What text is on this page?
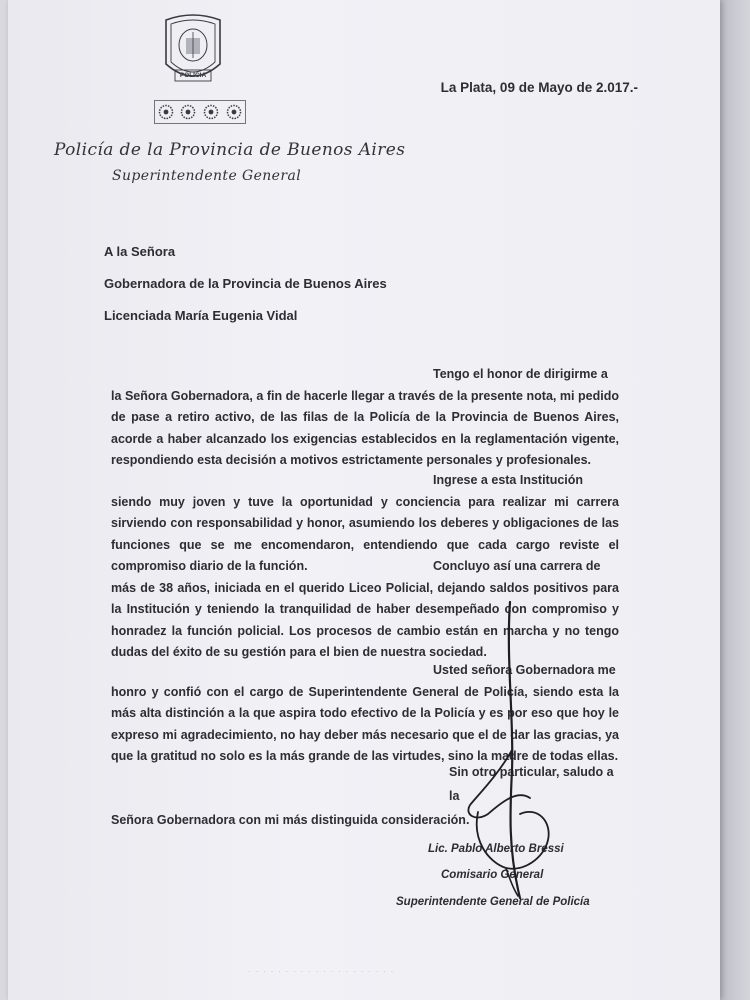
POLICIA
La Plata, 09 de Mayo de 2.017.-
Policía de la Provincia de Buenos Aires
Superintendente General
A la Señora
Gobernadora de la Provincia de Buenos Aires
Licenciada María Eugenia Vidal
Tengo el honor de dirigirme a
la Señora Gobernadora, a fin de hacerle llegar a través de la presente nota, mi pedido de pase a retiro activo, de las filas de la Policía de la Provincia de Buenos Aires, acorde a haber alcanzado los exigencias establecidos en la reglamentación vigente, respondiendo esta decisión a motivos estrictamente personales y profesionales.
Ingrese a esta Institución
siendo muy joven y tuve la oportunidad y conciencia para realizar mi carrera sirviendo con responsabilidad y honor, asumiendo los deberes y obligaciones de las funciones que se me encomendaron, entendiendo que cada cargo reviste el compromiso diario de la función.	Concluyo así una carrera de
más de 38 años, iniciada en el querido Liceo Policial, dejando saldos positivos para la Institución y teniendo la tranquilidad de haber desempeñado con compromiso y honradez la función policial. Los procesos de cambio están en marcha y no tengo dudas del éxito de su gestión para el bien de nuestra sociedad.
Usted señora Gobernadora me
honro y confió con el cargo de Superintendente General de Policía, siendo esta la más alta distinción a la que aspira todo efectivo de la Policía y es por eso que hoy le expreso mi agradecimiento, no hay deber más necesario que el de dar las gracias, ya que la gratitud no solo es la más grande de las virtudes, sino la madre de todas ellas.
Sin otro particular, saludo a la
Señora Gobernadora con mi más distinguida consideración.
Lic. Pablo Alberto Bressi
Comisario General
Superintendente General de Policía
· · · · · · · · · · · · · · · · · · · ·
